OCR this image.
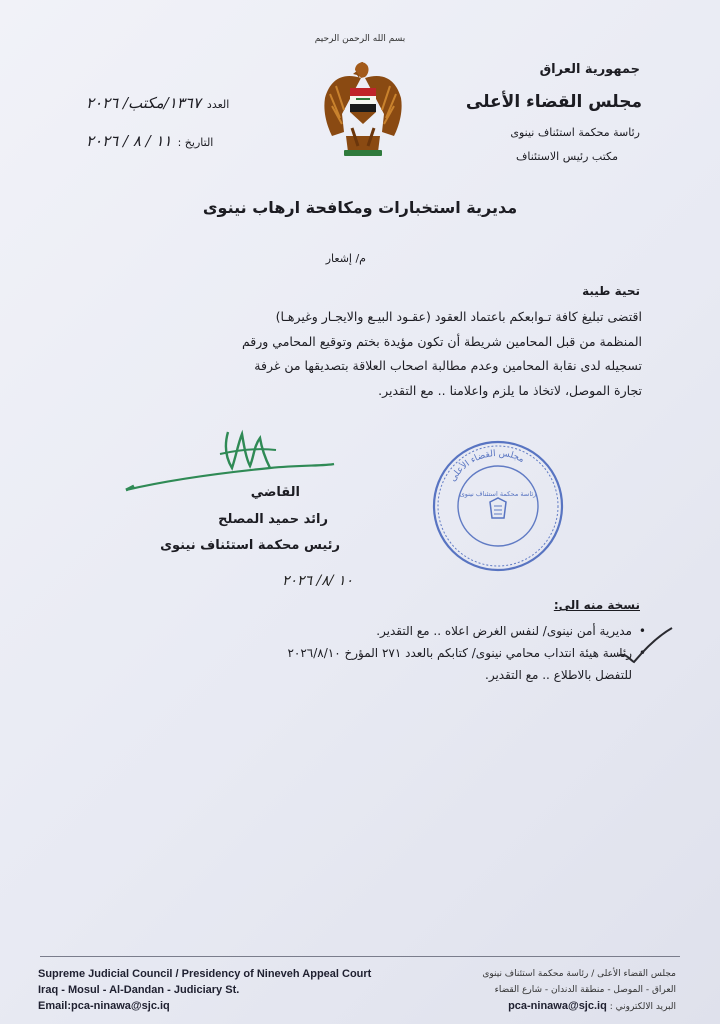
بسم الله الرحمن الرحيم
جمهورية العراق
مجلس القضاء الأعلى
رئاسة محكمة استئناف نينوى
مكتب رئيس الاستئناف
العدد
١٣٦٧/مكتب/ ٢٠٢٦
التاريخ :
١١ / ٨ / ٢٠٢٦
مديرية استخبارات ومكافحة ارهاب نينوى
م/ إشعار
تحية طيبة
اقتضى تبليغ كافة تـوابعكم باعتماد العقود (عقـود البيـع والايجـار وغيرهـا)
المنظمة من قبل المحامين شريطة أن تكون مؤيدة بختم وتوقيع المحامي ورقم
تسجيله لدى نقابة المحامين وعدم مطالبة اصحاب العلاقة بتصديقها من غرفة
تجارة الموصل، لاتخاذ ما يلزم واعلامنا .. مع التقدير.
القاضي
رائد حميد المصلح
رئيس محكمة استئناف نينوى
١٠ /٨/ ٢٠٢٦
مجلس القضاء الأعلى
رئاسة محكمة استئناف نينوى
نسخة منه الى:
•
مديرية أمن نينوى/ لنفس الغرض اعلاه .. مع التقدير.
•
رئاسة هيئة انتداب محامي نينوى/ كتابكم بالعدد ٢٧١ المؤرخ ٢٠٢٦/٨/١٠
للتفضل بالاطلاع .. مع التقدير.
Supreme Judicial Council / Presidency of Nineveh Appeal Court
Iraq - Mosul - Al-Dandan - Judiciary St.
Email:pca-ninawa@sjc.iq
مجلس القضاء الأعلى / رئاسة محكمة استئناف نينوى
العراق - الموصل - منطقة الدندان - شارع القضاء
البريد الالكتروني : pca-ninawa@sjc.iq
